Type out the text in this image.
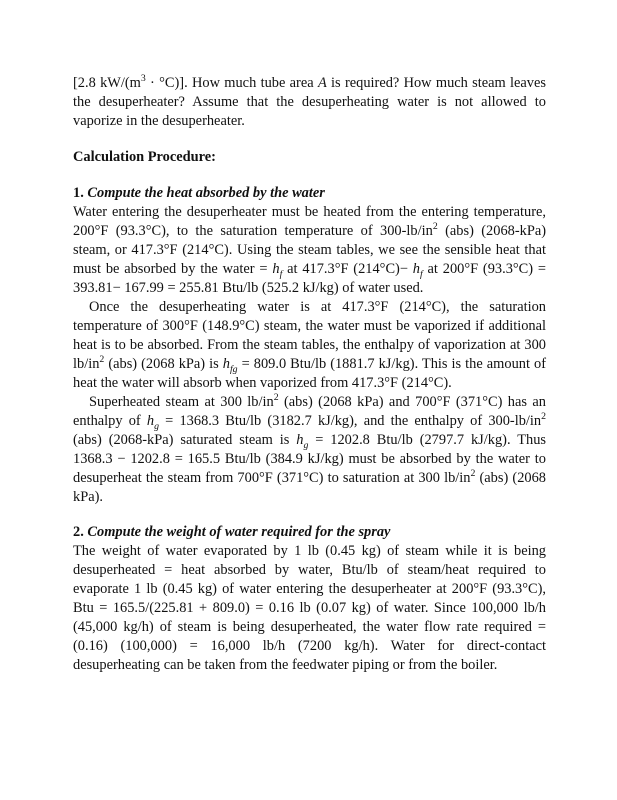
[2.8 $kW/(m^3 \cdot ^\circ C)$]. How much tube area A is required? How much steam leaves the desuperheater? Assume that the desuperheating water is not allowed to vaporize in the desuperheater.

Calculation Procedure:

1. Compute the heat absorbed by the water

Water entering the desuperheater must be heated from the entering temperature, 200°F (93.3°C), to the saturation temperature of $300-lb/in^2$ (abs) (2068-kPa) steam, or 417.3°F (214°C). Using the steam tables, we see the sensible heat that must be absorbed by the water = $h_f$ at 417.3°F $(214^\circ C)- h_f$ at 200°F (93.3°C) = 393.81− 167.99 = 255.81 Btu/lb (525.2 kJ/kg) of water used.

Once the desuperheating water is at 417.3°F (214°C), the saturation temperature of 300°F (148.9°C) steam, the water must be vaporized if additional heat is to be absorbed. From the steam tables, the enthalpy of vaporization at 300 $lb/in^2$ (abs) (2068 kPa) is $h_{fg} = 809.0$ Btu/lb (1881.7 kJ/kg). This is the amount of heat the water will absorb when vaporized from 417.3°F (214°C).

Superheated steam at 300 $lb/in^2$ (abs) (2068 kPa) and 700°F (371°C) has an enthalpy of $h_g = 1368.3$ Btu/lb (3182.7 kJ/kg), and the enthalpy of $300-lb/in^2$ (abs) (2068-kPa) saturated steam is $h_g = 1202.8$ Btu/lb (2797.7 kJ/kg). Thus 1368.3 − 1202.8 = 165.5 Btu/lb (384.9 kJ/kg) must be absorbed by the water to desuperheat the steam from 700°F (371°C) to saturation at 300 $lb/in^2$ (abs) (2068 kPa).

2. Compute the weight of water required for the spray

The weight of water evaporated by 1 lb (0.45 kg) of steam while it is being desuperheated = heat absorbed by water, Btu/lb of steam/heat required to evaporate 1 lb (0.45 kg) of water entering the desuperheater at 200°F (93.3°C), Btu = 165.5/(225.81 + 809.0) = 0.16 lb (0.07 kg) of water. Since 100,000 lb/h (45,000 kg/h) of steam is being desuperheated, the water flow rate required = (0.16) (100,000) = 16,000 lb/h (7200 kg/h). Water for direct-contact desuperheating can be taken from the feedwater piping or from the boiler.
